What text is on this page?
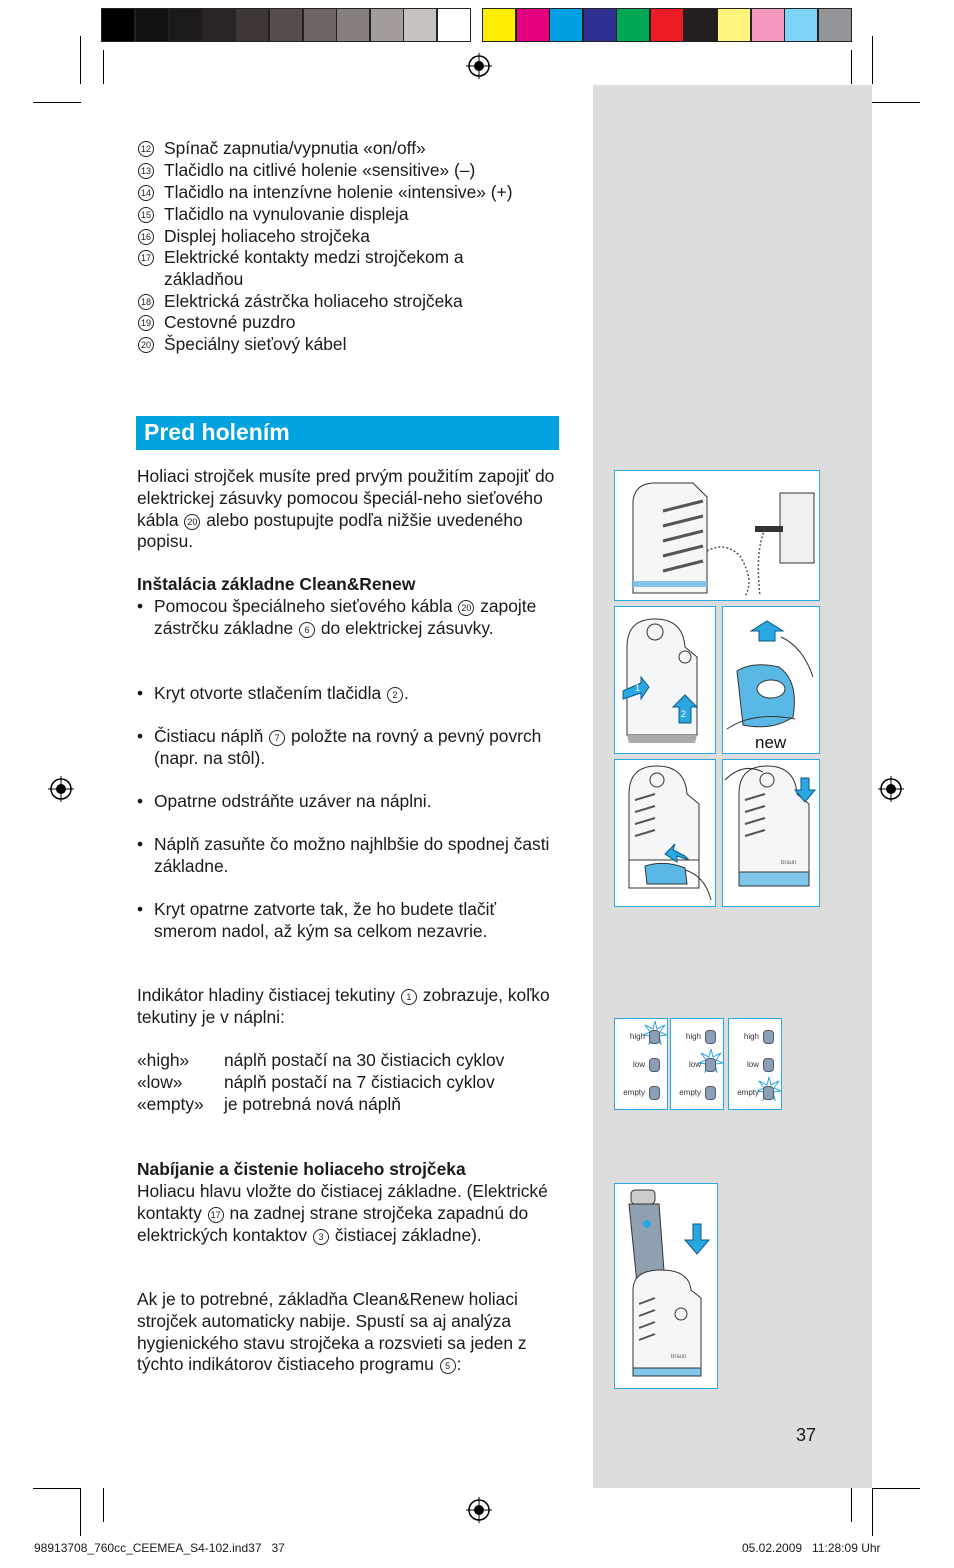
12 Spínač zapnutia/vypnutia «on/off»
13 Tlačidlo na citlivé holenie «sensitive» (–)
14 Tlačidlo na intenzívne holenie «intensive» (+)
15 Tlačidlo na vynulovanie displeja
16 Displej holiaceho strojčeka
17 Elektrické kontakty medzi strojčekom a základňou
18 Elektrická zástrčka holiaceho strojčeka
19 Cestovné puzdro
20 Špeciálny sieťový kábel
Pred holením
Holiaci strojček musíte pred prvým použitím zapojiť do elektrickej zásuvky pomocou špeciál-neho sieťového kábla 20 alebo postupujte podľa nižšie uvedeného popisu.
Inštalácia základne Clean&Renew
• Pomocou špeciálneho sieťového kábla 20 zapojte zástrčku základne 6 do elektrickej zásuvky.
• Kryt otvorte stlačením tlačidla 2 .
• Čistiacu náplň 7 položte na rovný a pevný povrch (napr. na stôl).
• Opatrne odstráňte uzáver na náplni.
• Náplň zasuňte čo možno najhlbšie do spodnej časti základne.
• Kryt opatrne zatvorte tak, že ho budete tlačiť smerom nadol, až kým sa celkom nezavrie.
Indikátor hladiny čistiacej tekutiny 1 zobrazuje, koľko tekutiny je v náplni:
«high» náplň postačí na 30 čistiacich cyklov
«low» náplň postačí na 7 čistiacich cyklov
«empty» je potrebná nová náplň
Nabíjanie a čistenie holiaceho strojčeka
Holiacu hlavu vložte do čistiacej základne. (Elektrické kontakty 17 na zadnej strane strojčeka zapadnú do elektrických kontaktov 3 čistiacej základne).
Ak je to potrebné, základňa Clean&Renew holiaci strojček automaticky nabije. Spustí sa aj analýza hygienického stavu strojčeka a rozsvieti sa jeden z týchto indikátorov čistiaceho programu 5 :
1
2
new
braun
high
low
empty
high
low
empty
high
low
empty
braun
37
98913708_760cc_CEEMEA_S4-102.ind37   37	05.02.2009   11:28:09 Uhr
